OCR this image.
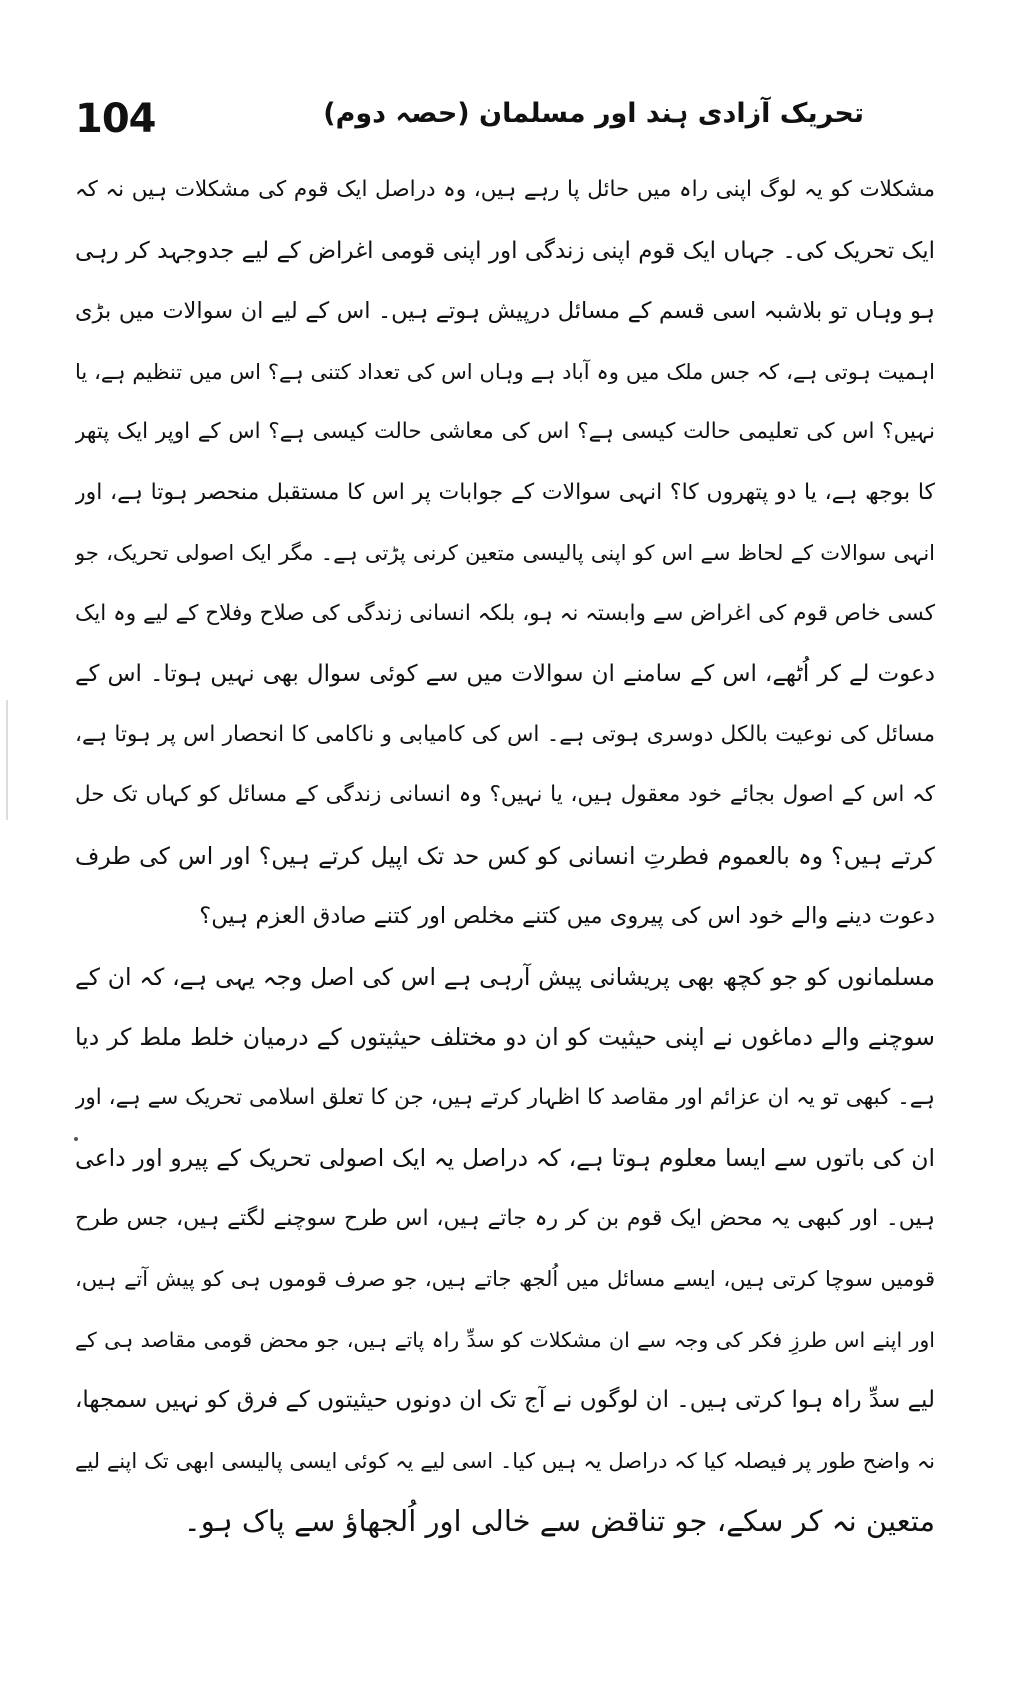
104	تحریک آزادی ہند اور مسلمان (حصہ دوم)
مشکلات کو یہ لوگ اپنی راہ میں حائل پا رہے ہیں، وہ دراصل ایک قوم کی مشکلات ہیں نہ کہ
ایک تحریک کی۔ جہاں ایک قوم اپنی زندگی اور اپنی قومی اغراض کے لیے جدوجہد کر رہی
ہو وہاں تو بلاشبہ اسی قسم کے مسائل درپیش ہوتے ہیں۔ اس کے لیے ان سوالات میں بڑی
اہمیت ہوتی ہے، کہ جس ملک میں وہ آباد ہے وہاں اس کی تعداد کتنی ہے؟ اس میں تنظیم ہے، یا
نہیں؟ اس کی تعلیمی حالت کیسی ہے؟ اس کی معاشی حالت کیسی ہے؟ اس کے اوپر ایک پتھر
کا بوجھ ہے، یا دو پتھروں کا؟ انہی سوالات کے جوابات پر اس کا مستقبل منحصر ہوتا ہے، اور
انہی سوالات کے لحاظ سے اس کو اپنی پالیسی متعین کرنی پڑتی ہے۔ مگر ایک اصولی تحریک، جو
کسی خاص قوم کی اغراض سے وابستہ نہ ہو، بلکہ انسانی زندگی کی صلاح وفلاح کے لیے وہ ایک
دعوت لے کر اُٹھے، اس کے سامنے ان سوالات میں سے کوئی سوال بھی نہیں ہوتا۔ اس کے
مسائل کی نوعیت بالکل دوسری ہوتی ہے۔ اس کی کامیابی و ناکامی کا انحصار اس پر ہوتا ہے،
کہ اس کے اصول بجائے خود معقول ہیں، یا نہیں؟ وہ انسانی زندگی کے مسائل کو کہاں تک حل
کرتے ہیں؟ وہ بالعموم فطرتِ انسانی کو کس حد تک اپیل کرتے ہیں؟ اور اس کی طرف
دعوت دینے والے خود اس کی پیروی میں کتنے مخلص اور کتنے صادق العزم ہیں؟
مسلمانوں کو جو کچھ بھی پریشانی پیش آرہی ہے اس کی اصل وجہ یہی ہے، کہ ان کے
سوچنے والے دماغوں نے اپنی حیثیت کو ان دو مختلف حیثیتوں کے درمیان خلط ملط کر دیا
ہے۔ کبھی تو یہ ان عزائم اور مقاصد کا اظہار کرتے ہیں، جن کا تعلق اسلامی تحریک سے ہے، اور
ان کی باتوں سے ایسا معلوم ہوتا ہے، کہ دراصل یہ ایک اصولی تحریک کے پیرو اور داعی
ہیں۔ اور کبھی یہ محض ایک قوم بن کر رہ جاتے ہیں، اس طرح سوچنے لگتے ہیں، جس طرح
قومیں سوچا کرتی ہیں، ایسے مسائل میں اُلجھ جاتے ہیں، جو صرف قوموں ہی کو پیش آتے ہیں،
اور اپنے اس طرزِ فکر کی وجہ سے ان مشکلات کو سدِّ راہ پاتے ہیں، جو محض قومی مقاصد ہی کے
لیے سدِّ راہ ہوا کرتی ہیں۔ ان لوگوں نے آج تک ان دونوں حیثیتوں کے فرق کو نہیں سمجھا،
نہ واضح طور پر فیصلہ کیا کہ دراصل یہ ہیں کیا۔ اسی لیے یہ کوئی ایسی پالیسی ابھی تک اپنے لیے
متعین نہ کر سکے، جو تناقض سے خالی اور اُلجھاؤ سے پاک ہو۔
